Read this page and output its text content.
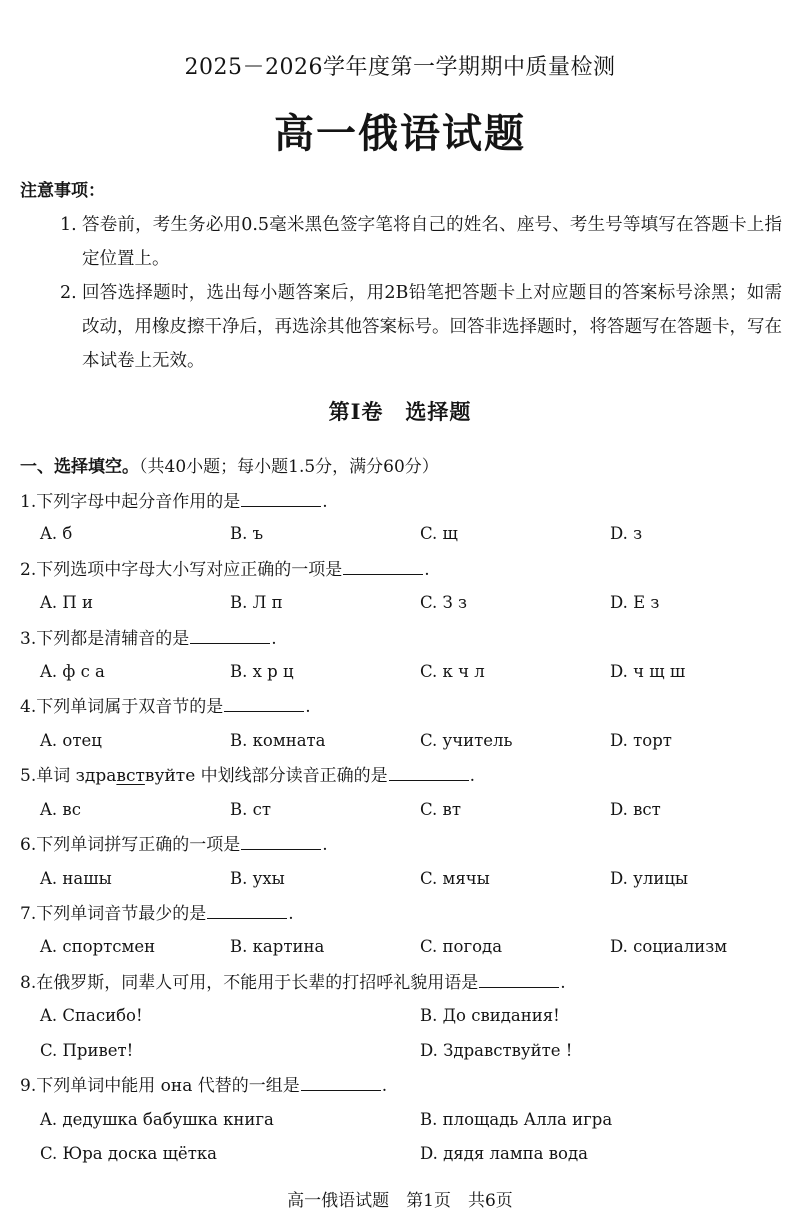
2025－2026学年度第一学期期中质量检测
高一俄语试题
注意事项：
1. 答卷前，考生务必用0.5毫米黑色签字笔将自己的姓名、座号、考生号等填写在答题卡上指定位置上。
2. 回答选择题时，选出每小题答案后，用2B铅笔把答题卡上对应题目的答案标号涂黑；如需改动，用橡皮擦干净后，再选涂其他答案标号。回答非选择题时，将答题写在答题卡，写在本试卷上无效。
第Ⅰ卷　选择题
一、选择填空。（共40小题；每小题1.5分，满分60分）
1.下列字母中起分音作用的是	.
A. б	B. ъ	C. щ	D. з
2.下列选项中字母大小写对应正确的一项是	.
A. П и	B. Л п	C. З з	D. Е з
3.下列都是清辅音的是	.
A. ф с а	B. х р ц	C. к ч л	D. ч щ ш
4.下列单词属于双音节的是	.
A. отец	B. комната	C. учитель	D. торт
5.单词 здравствуйте 中划线部分读音正确的是	.
A. вс	B. ст	C. вт	D. вст
6.下列单词拼写正确的一项是	.
A. нашы	B. ухы	C. мячы	D. улицы
7.下列单词音节最少的是	.
A. спортсмен	B. картина	C. погода	D. социализм
8.在俄罗斯，同辈人可用，不能用于长辈的打招呼礼貌用语是	.
A. Спасибо!	B. До свидания!
C. Привет!	D. Здравствуйте !
9.下列单词中能用 она 代替的一组是	.
A. дедушка бабушка книга	B. площадь Алла игра
C. Юра доска щётка	D. дядя лампа вода
高一俄语试题　第1页　共6页
